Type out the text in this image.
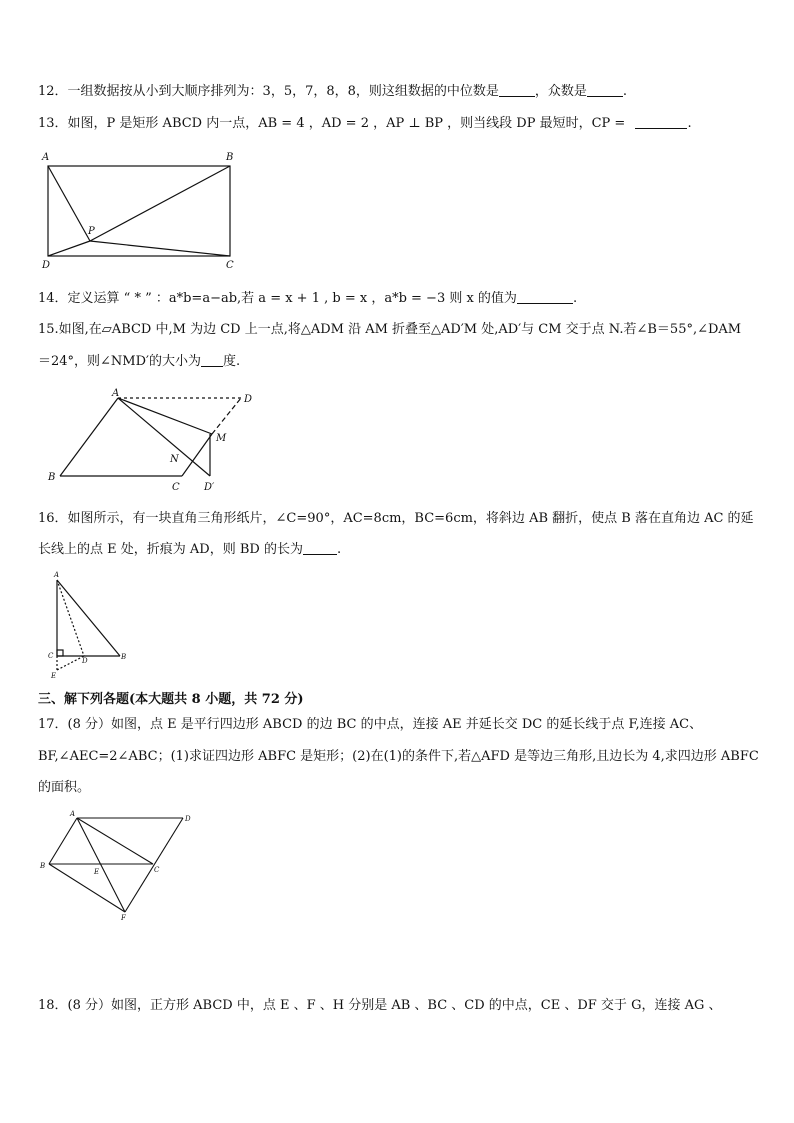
12．一组数据按从小到大顺序排列为：3，5，7，8，8，则这组数据的中位数是	，众数是	.
13．如图，P 是矩形 ABCD 内一点，AB = 4 ，AD = 2 ，AP ⊥ BP ，则当线段 DP 最短时，CP =	.
A	B
C
D
P
14．定义运算 “ * ” ：a*b=a−ab,若 a = x + 1 , b = x ，a*b = −3 则 x 的值为	.
15.如图,在▱ABCD 中,M 为边 CD 上一点,将△ADM 沿 AM 折叠至△AD′M 处,AD′与 CM 交于点 N.若∠B＝55°,∠DAM
＝24°，则∠NMD′的大小为 度.
A
B
C
D
M
N
D′
16．如图所示，有一块直角三角形纸片，∠C=90°，AC=8cm，BC=6cm，将斜边 AB 翻折，使点 B 落在直角边 AC 的延
长线上的点 E 处，折痕为 AD，则 BD 的长为	.
A
B
C
D
E
三、解下列各题(本大题共 8 小题，共 72 分)
17．(8 分）如图，点 E 是平行四边形 ABCD 的边 BC 的中点，连接 AE 并延长交 DC 的延长线于点 F,连接 AC、
BF,∠AEC=2∠ABC；(1)求证四边形 ABFC 是矩形；(2)在(1)的条件下,若△AFD 是等边三角形,且边长为 4,求四边形 ABFC
的面积。
A
B	C
D
E
F
18．(8 分）如图，正方形 ABCD 中，点 E 、F 、H 分别是 AB 、BC 、CD 的中点，CE 、DF 交于 G，连接 AG 、
